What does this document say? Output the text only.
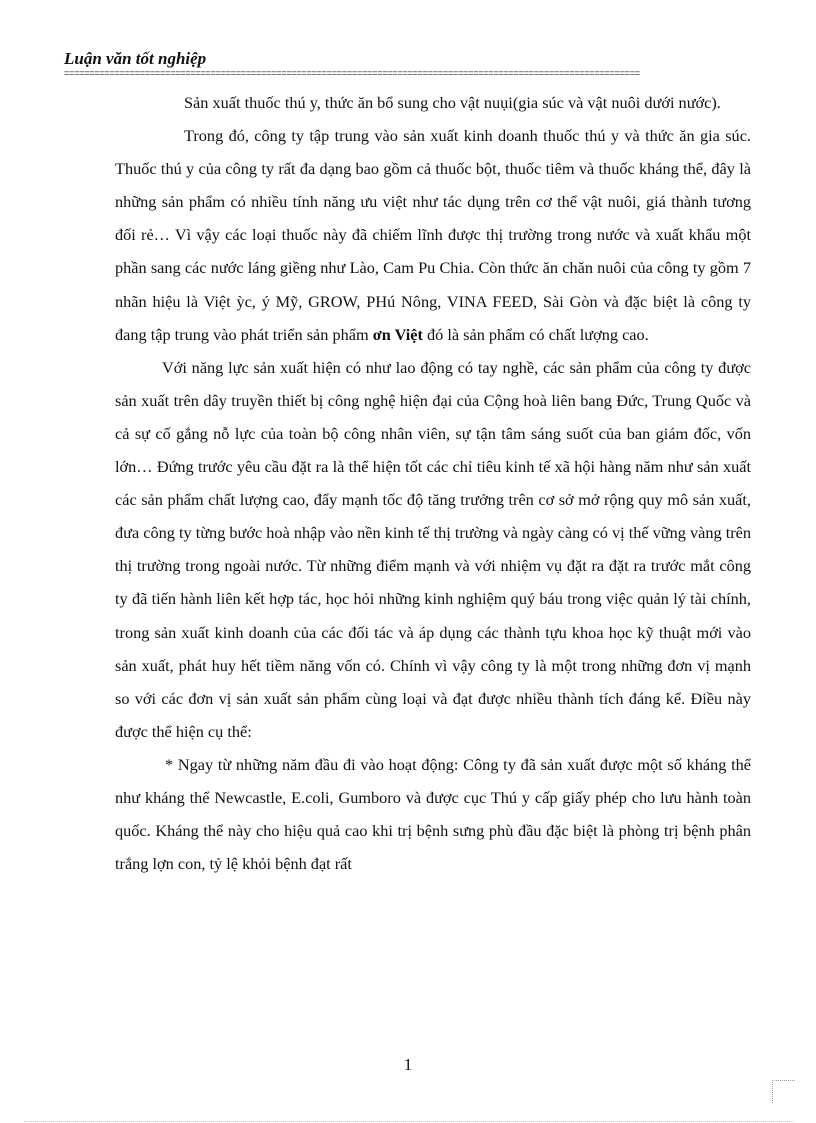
Luận văn tốt nghiệp
==================================================================================================================

Sản xuất thuốc thú y, thức ăn bổ sung cho vật nuụi(gia súc và vật nuôi dưới nước).

Trong đó, công ty tập trung vào sản xuất kinh doanh thuốc thú y và thức ăn gia súc. Thuốc thú y của công ty rất đa dạng bao gồm cả thuốc bột, thuốc tiêm và thuốc kháng thể, đây là những sản phẩm có nhiều tính năng ưu việt như tác dụng trên cơ thể vật nuôi, giá thành tương đối rẻ… Vì vậy các loại thuốc này đã chiếm lĩnh được thị trường trong nước và xuất khẩu một phần sang các nước láng giềng như Lào, Cam Pu Chia. Còn thức ăn chăn nuôi của công ty gồm 7 nhãn hiệu là Việt ỳc, ý Mỹ, GROW, PHú Nông, VINA FEED, Sài Gòn và đặc biệt là công ty đang tập trung vào phát triển sản phẩm ơn Việt đó là sản phẩm có chất lượng cao.

Với năng lực sản xuất hiện có như lao động có tay nghề, các sản phẩm của công ty được sản xuất trên dây truyền thiết bị công nghệ hiện đại của Cộng hoà liên bang Đức, Trung Quốc và cả sự cố gắng nỗ lực của toàn bộ công nhân viên, sự tận tâm sáng suốt của ban giám đốc, vốn lớn… Đứng trước yêu cầu đặt ra là thể hiện tốt các chỉ tiêu kinh tế xã hội hàng năm như sản xuất các sản phẩm chất lượng cao, đẩy mạnh tốc độ tăng trưởng trên cơ sở mở rộng quy mô sản xuất, đưa công ty từng bước hoà nhập vào nền kinh tế thị trường và ngày càng có vị thế vững vàng trên thị trường trong ngoài nước. Từ những điểm mạnh và với nhiệm vụ đặt ra đặt ra trước mắt công ty đã tiến hành liên kết hợp tác, học hỏi những kinh nghiệm quý báu trong việc quản lý tài chính, trong sản xuất kinh doanh của các đối tác và áp dụng các thành tựu khoa học kỹ thuật mới vào sản xuất, phát huy hết tiềm năng vốn có. Chính vì vậy công ty là một trong những đơn vị mạnh so với các đơn vị sản xuất sản phẩm cùng loại và đạt được nhiều thành tích đáng kể. Điều này được thể hiện cụ thể:

* Ngay từ những năm đầu đi vào hoạt động: Công ty đã sản xuất được một số kháng thể như kháng thể Newcastle, E.coli, Gumboro và được cục Thú y cấp giấy phép cho lưu hành toàn quốc. Kháng thể này cho hiệu quả cao khi trị bệnh sưng phù đầu đặc biệt là phòng trị bệnh phân trắng lợn con, tỷ lệ khỏi bệnh đạt rất

1
